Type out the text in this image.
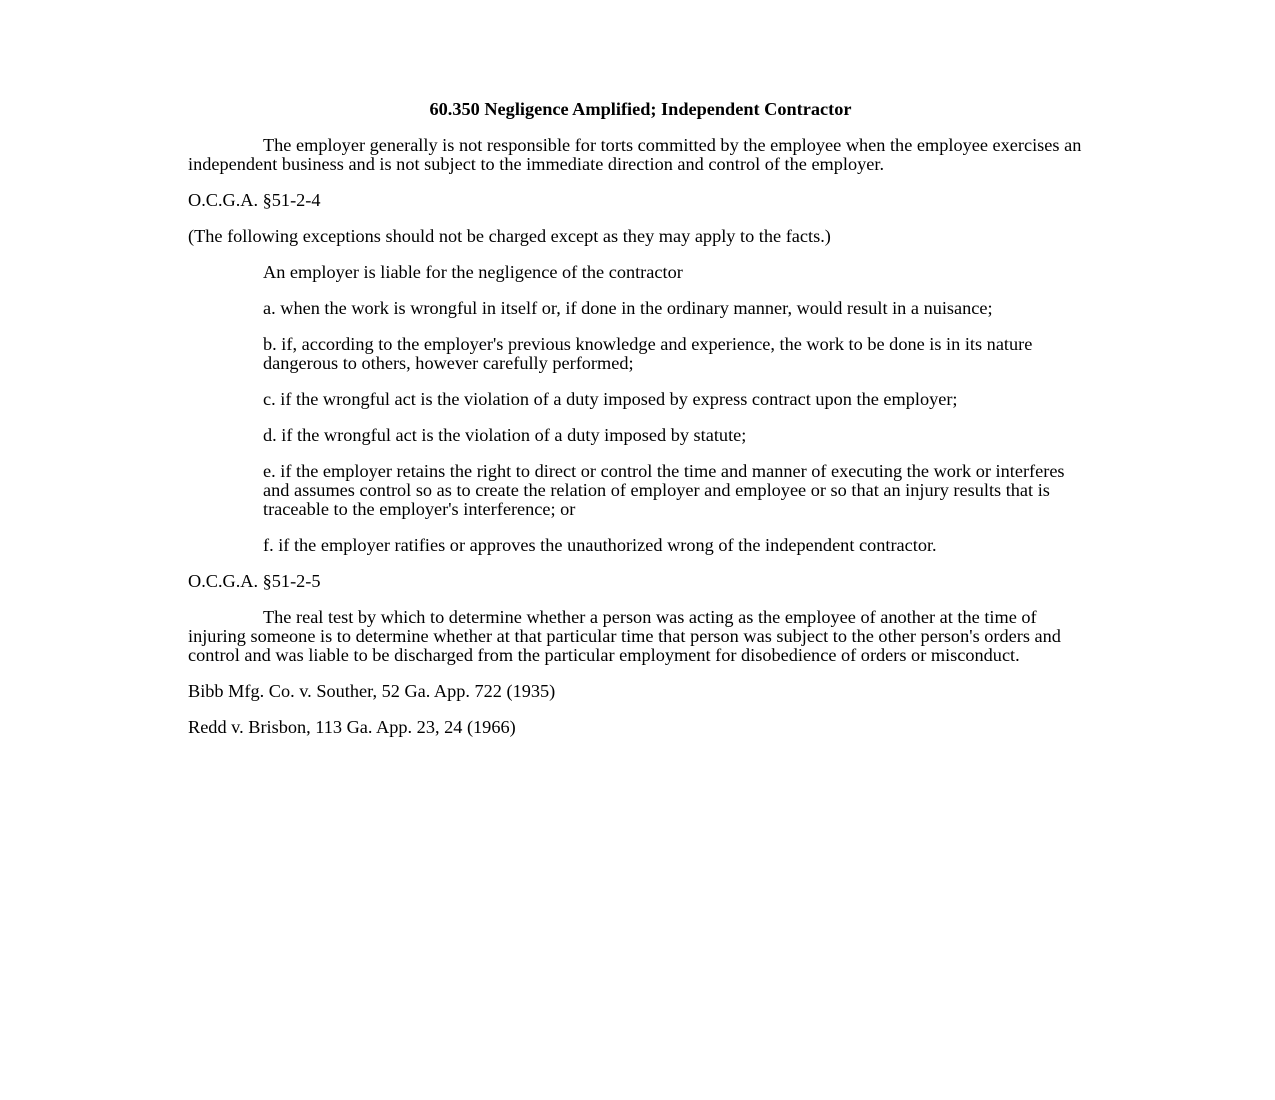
60.350 Negligence Amplified; Independent Contractor

The employer generally is not responsible for torts committed by the employee when the employee exercises an independent business and is not subject to the immediate direction and control of the employer.

O.C.G.A. §51-2-4

(The following exceptions should not be charged except as they may apply to the facts.)

An employer is liable for the negligence of the contractor

a. when the work is wrongful in itself or, if done in the ordinary manner, would result in a nuisance;

b. if, according to the employer's previous knowledge and experience, the work to be done is in its nature dangerous to others, however carefully performed;

c. if the wrongful act is the violation of a duty imposed by express contract upon the employer;

d. if the wrongful act is the violation of a duty imposed by statute;

e. if the employer retains the right to direct or control the time and manner of executing the work or interferes and assumes control so as to create the relation of employer and employee or so that an injury results that is traceable to the employer's interference; or

f. if the employer ratifies or approves the unauthorized wrong of the independent contractor.

O.C.G.A. §51-2-5

The real test by which to determine whether a person was acting as the employee of another at the time of injuring someone is to determine whether at that particular time that person was subject to the other person's orders and control and was liable to be discharged from the particular employment for disobedience of orders or misconduct.

Bibb Mfg. Co. v. Souther, 52 Ga. App. 722 (1935)

Redd v. Brisbon, 113 Ga. App. 23, 24 (1966)
